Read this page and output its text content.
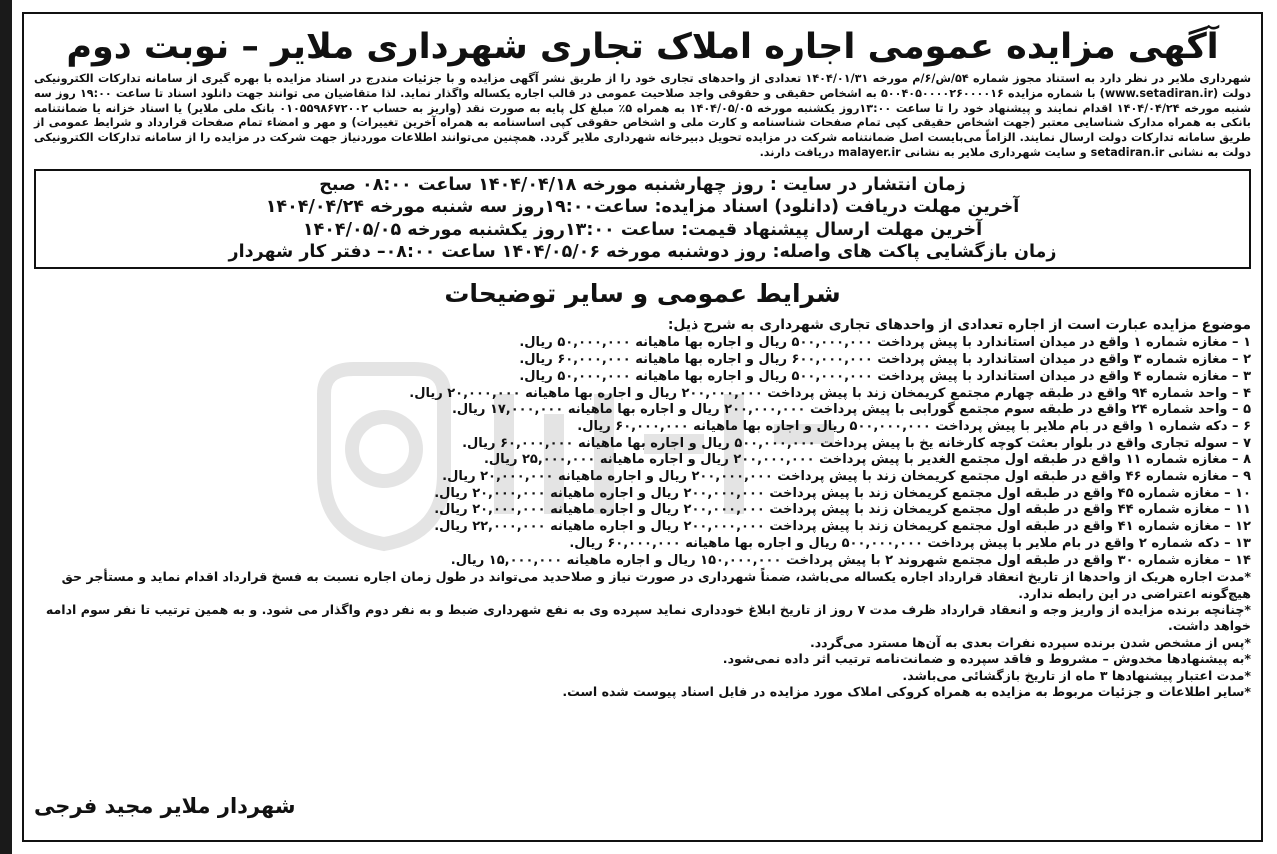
آگهی مزایده عمومی اجاره املاک تجاری شهرداری ملایر – نوبت دوم

شهرداری ملایر در نظر دارد به استناد مجوز شماره ۵۴/ش/۶/م مورخه ۱۴۰۴/۰۱/۳۱ تعدادی از واحدهای تجاری خود را از طریق نشر آگهی مزایده و با جزئیات مندرج در اسناد مزایده با بهره گیری از سامانه تدارکات الکترونیکی دولت (www.setadiran.ir) با شماره مزایده ۵۰۰۴۰۵۰۰۰۰۲۶۰۰۰۰۱۶ به اشخاص حقیقی و حقوقی واجد صلاحیت عمومی در قالب اجاره یکساله واگذار نماید. لذا متقاضیان می توانند جهت دانلود اسناد تا ساعت ۱۹:۰۰ روز سه شنبه مورخه ۱۴۰۴/۰۴/۲۴ اقدام نمایند و پیشنهاد خود را تا ساعت ۱۳:۰۰روز یکشنبه مورخه ۱۴۰۴/۰۵/۰۵ به همراه ۵٪ مبلغ کل پایه به صورت نقد (واریز به حساب ۰۱۰۵۵۹۸۶۷۲۰۰۲ بانک ملی ملایر) یا اسناد خزانه یا ضمانتنامه بانکی به همراه مدارک شناسایی معتبر (جهت اشخاص حقیقی کپی تمام صفحات شناسنامه و کارت ملی و اشخاص حقوقی کپی اساسنامه به همراه آخرین تغییرات) و مهر و امضاء تمام صفحات قرارداد و شرایط عمومی از طریق سامانه تدارکات دولت ارسال نمایند. الزاماً می‌بایست اصل ضمانتنامه شرکت در مزایده تحویل دبیرخانه شهرداری ملایر گردد. همچنین می‌توانند اطلاعات موردنیاز جهت شرکت در مزایده را از سامانه تدارکات الکترونیکی دولت به نشانی setadiran.ir و سایت شهرداری ملایر به نشانی malayer.ir دریافت دارند.

زمان انتشار در سایت : روز چهارشنبه مورخه ۱۴۰۴/۰۴/۱۸ ساعت ۰۸:۰۰ صبح
آخرین مهلت دریافت (دانلود) اسناد مزایده: ساعت۱۹:۰۰روز سه شنبه مورخه ۱۴۰۴/۰۴/۲۴
آخرین مهلت ارسال پیشنهاد قیمت: ساعت ۱۳:۰۰روز یکشنبه مورخه ۱۴۰۴/۰۵/۰۵
زمان بازگشایی پاکت های واصله: روز دوشنبه مورخه ۱۴۰۴/۰۵/۰۶ ساعت ۰۸:۰۰– دفتر کار شهردار
شرایط عمومی و سایر توضیحات

موضوع مزایده عبارت است از اجاره تعدادی از واحدهای تجاری شهرداری به شرح ذیل:

۱ – مغازه شماره ۱ واقع در میدان استاندارد با پیش پرداخت ۵۰۰,۰۰۰,۰۰۰ ریال و اجاره بها ماهیانه ۵۰,۰۰۰,۰۰۰ ریال.
۲ – مغازه شماره ۳ واقع در میدان استاندارد با پیش پرداخت ۶۰۰,۰۰۰,۰۰۰ ریال و اجاره بها ماهیانه ۶۰,۰۰۰,۰۰۰ ریال.
۳ – مغازه شماره ۴ واقع در میدان استاندارد با پیش پرداخت ۵۰۰,۰۰۰,۰۰۰ ریال و اجاره بها ماهیانه ۵۰,۰۰۰,۰۰۰ ریال.
۴ – واحد شماره ۹۴ واقع در طبقه چهارم مجتمع کریمخان زند با پیش پرداخت ۲۰۰,۰۰۰,۰۰۰ ریال و اجاره بها ماهیانه ۲۰,۰۰۰,۰۰۰ ریال.
۵ – واحد شماره ۲۴ واقع در طبقه سوم مجتمع گورابی با پیش پرداخت ۲۰۰,۰۰۰,۰۰۰ ریال و اجاره بها ماهیانه ۱۷,۰۰۰,۰۰۰ ریال.
۶ – دکه شماره ۱ واقع در بام ملایر با پیش پرداخت ۵۰۰,۰۰۰,۰۰۰ ریال و اجاره بها ماهیانه ۶۰,۰۰۰,۰۰۰ ریال.
۷ – سوله تجاری واقع در بلوار بعثت کوچه کارخانه یخ با پیش پرداخت ۵۰۰,۰۰۰,۰۰۰ ریال و اجاره بها ماهیانه ۶۰,۰۰۰,۰۰۰ ریال.
۸ – مغازه شماره ۱۱ واقع در طبقه اول مجتمع الغدیر با پیش پرداخت ۲۰۰,۰۰۰,۰۰۰ ریال و اجاره ماهیانه ۲۵,۰۰۰,۰۰۰ ریال.
۹ – مغازه شماره ۴۶ واقع در طبقه اول مجتمع کریمخان زند با پیش پرداخت ۲۰۰,۰۰۰,۰۰۰ ریال و اجاره ماهیانه ۲۰,۰۰۰,۰۰۰ ریال.
۱۰ – مغازه شماره ۴۵ واقع در طبقه اول مجتمع کریمخان زند با پیش پرداخت ۲۰۰,۰۰۰,۰۰۰ ریال و اجاره ماهیانه ۲۰,۰۰۰,۰۰۰ ریال.
۱۱ – مغازه شماره ۴۴ واقع در طبقه اول مجتمع کریمخان زند با پیش پرداخت ۲۰۰,۰۰۰,۰۰۰ ریال و اجاره ماهیانه ۲۰,۰۰۰,۰۰۰ ریال.
۱۲ – مغازه شماره ۴۱ واقع در طبقه اول مجتمع کریمخان زند با پیش پرداخت ۲۰۰,۰۰۰,۰۰۰ ریال و اجاره ماهیانه ۲۲,۰۰۰,۰۰۰ ریال.
۱۳ – دکه شماره ۲ واقع در بام ملایر با پیش پرداخت ۵۰۰,۰۰۰,۰۰۰ ریال و اجاره بها ماهیانه ۶۰,۰۰۰,۰۰۰ ریال.
۱۴ – مغازه شماره ۳۰ واقع در طبقه اول مجتمع شهروند ۲ با پیش پرداخت ۱۵۰,۰۰۰,۰۰۰ ریال و اجاره ماهیانه ۱۵,۰۰۰,۰۰۰ ریال.
*مدت اجاره هریک از واحدها از تاریخ انعقاد قرارداد اجاره یکساله می‌باشد، ضمناً شهرداری در صورت نیاز و صلاحدید می‌تواند در طول زمان اجاره نسبت به فسخ قرارداد اقدام نماید و مستأجر حق هیچ‌گونه اعتراضی در این رابطه ندارد.
*چنانچه برنده مزایده از واریز وجه و انعقاد قرارداد ظرف مدت ۷ روز از تاریخ ابلاغ خودداری نماید سپرده وی به نفع شهرداری ضبط و به نفر دوم واگذار می شود. و به همین ترتیب تا نفر سوم ادامه خواهد داشت.
*پس از مشخص شدن برنده سپرده نفرات بعدی به آن‌ها مسترد می‌گردد.
*به پیشنهادها مخدوش – مشروط و فاقد سپرده و ضمانت‌نامه ترتیب اثر داده نمی‌شود.
*مدت اعتبار پیشنهادها ۳ ماه از تاریخ بازگشائی می‌باشد.
*سایر اطلاعات و جزئیات مربوط به مزایده به همراه کروکی املاک مورد مزایده در فایل اسناد پیوست شده است.
شهردار ملایر مجید فرجی
